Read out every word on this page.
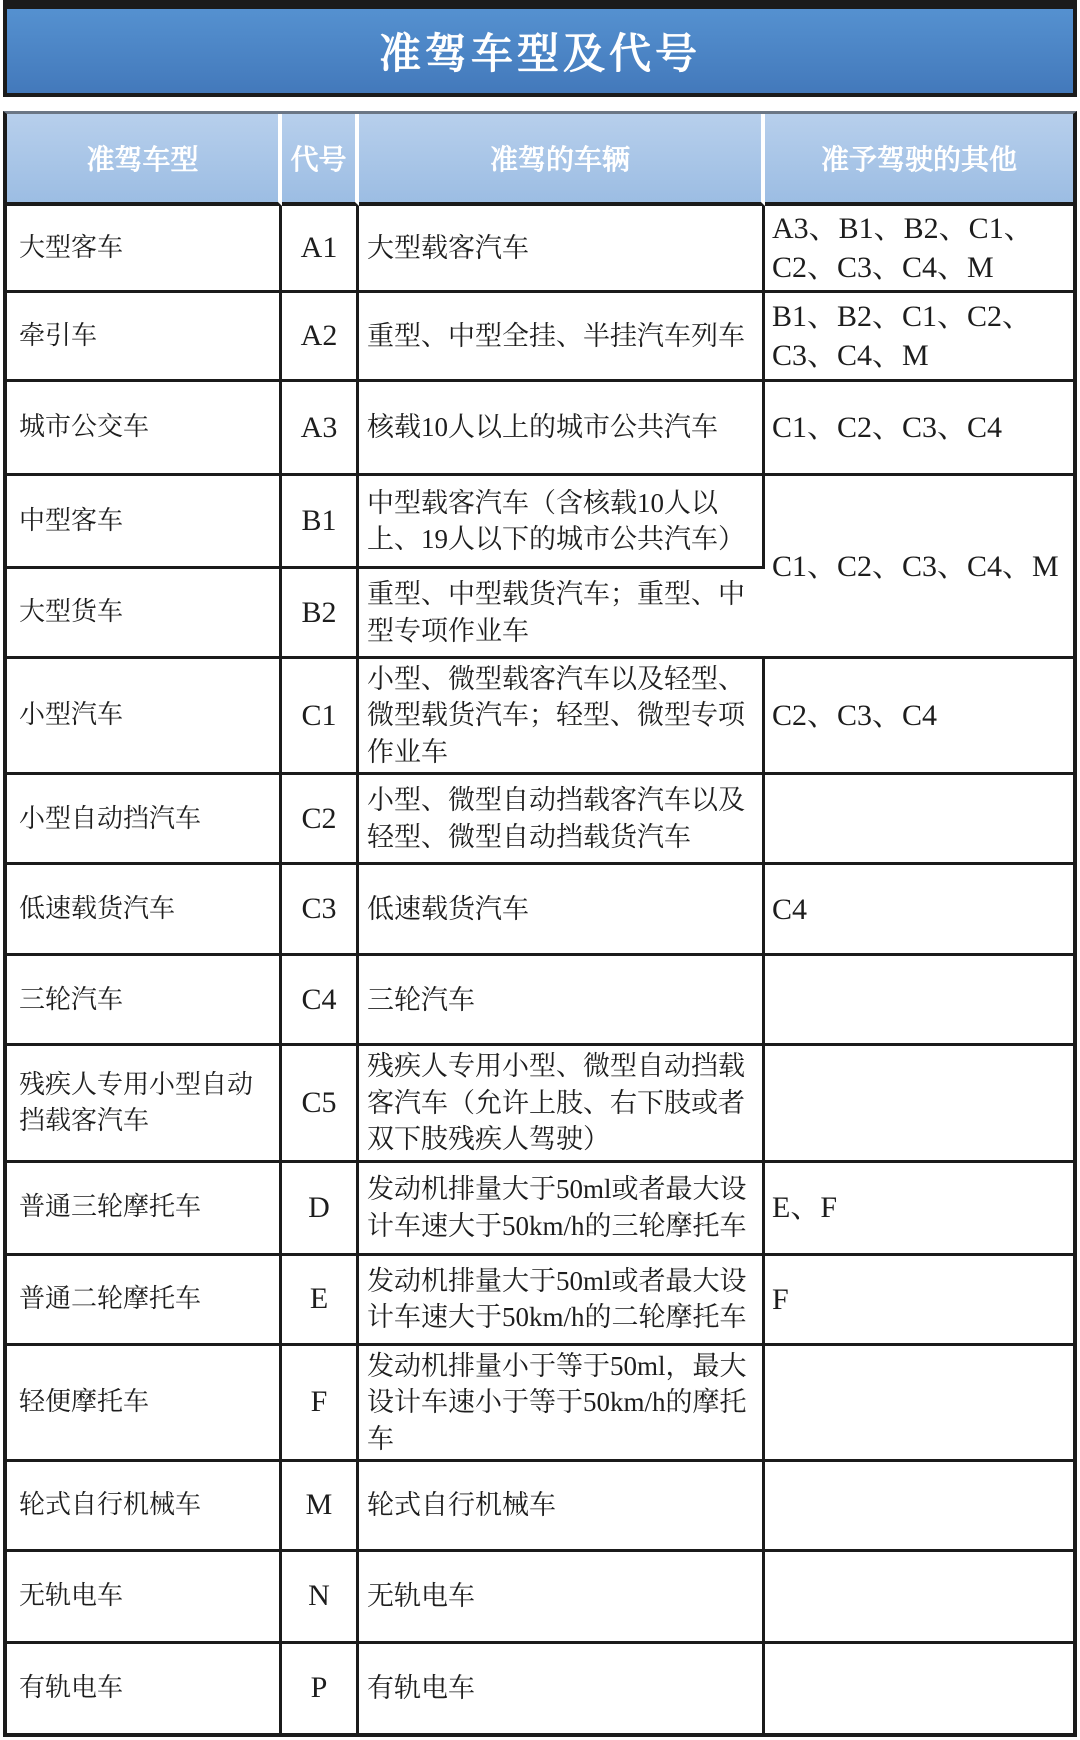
准驾车型及代号
准驾车型	代号	准驾的车辆	准予驾驶的其他
大型客车	A1	大型载客汽车	A3、B1、B2、C1、C2、C3、C4、M
牵引车	A2	重型、中型全挂、半挂汽车列车	B1、B2、C1、C2、C3、C4、M
城市公交车	A3	核载10人以上的城市公共汽车	C1、C2、C3、C4
中型客车	B1	中型载客汽车（含核载10人以上、19人以下的城市公共汽车）	C1、C2、C3、C4、M
大型货车	B2	重型、中型载货汽车；重型、中型专项作业车	
小型汽车	C1	小型、微型载客汽车以及轻型、微型载货汽车；轻型、微型专项作业车	C2、C3、C4
小型自动挡汽车	C2	小型、微型自动挡载客汽车以及轻型、微型自动挡载货汽车	
低速载货汽车	C3	低速载货汽车	C4
三轮汽车	C4	三轮汽车	
残疾人专用小型自动挡载客汽车	C5	残疾人专用小型、微型自动挡载客汽车（允许上肢、右下肢或者双下肢残疾人驾驶）	
普通三轮摩托车	D	发动机排量大于50ml或者最大设计车速大于50km/h的三轮摩托车	E、F
普通二轮摩托车	E	发动机排量大于50ml或者最大设计车速大于50km/h的二轮摩托车	F
轻便摩托车	F	发动机排量小于等于50ml，最大设计车速小于等于50km/h的摩托车	
轮式自行机械车	M	轮式自行机械车	
无轨电车	N	无轨电车	
有轨电车	P	有轨电车	
